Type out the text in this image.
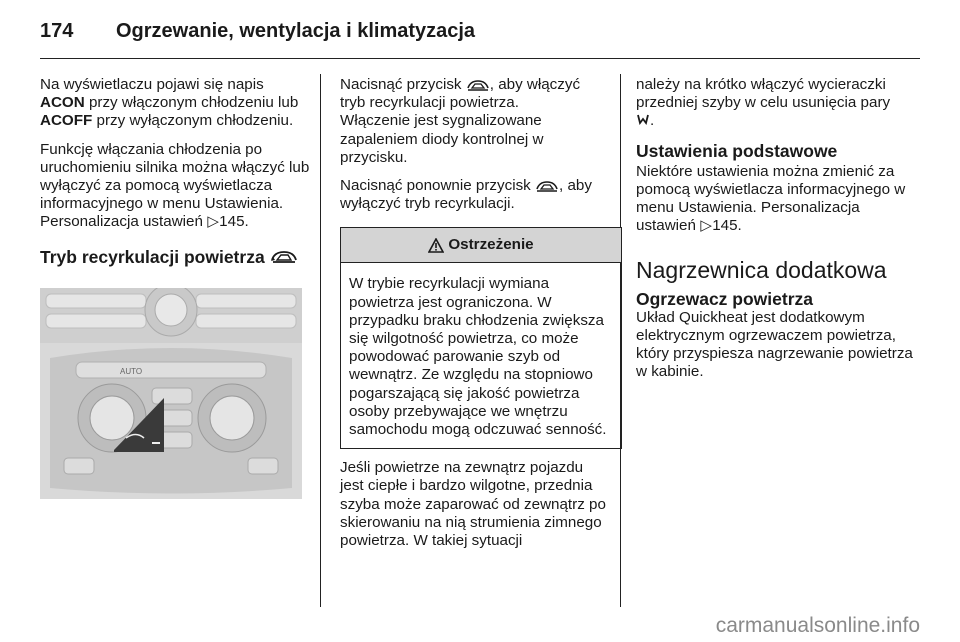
174 Ogrzewanie, wentylacja i klimatyzacja

Na wyświetlaczu pojawi się napis ACON przy włączonym chłodzeniu lub ACOFF przy wyłączonym chłodzeniu.

Funkcję włączania chłodzenia po uruchomieniu silnika można włączyć lub wyłączyć za pomocą wyświetlacza informacyjnego w menu Ustawienia. Personalizacja ustawień ▷145.

Tryb recyrkulacji powietrza

AUTO

Nacisnąć przycisk , aby włączyć tryb recyrkulacji powietrza.

Włączenie jest sygnalizowane zapaleniem diody kontrolnej w przycisku.

Nacisnąć ponownie przycisk , aby wyłączyć tryb recyrkulacji.

Ostrzeżenie
W trybie recyrkulacji wymiana powietrza jest ograniczona. W przypadku braku chłodzenia zwiększa się wilgotność powietrza, co może powodować parowanie szyb od wewnątrz. Ze względu na stopniowo pogarszającą się jakość powietrza osoby przebywające we wnętrzu samochodu mogą odczuwać senność.

Jeśli powietrze na zewnątrz pojazdu jest ciepłe i bardzo wilgotne, przednia szyba może zaparować od zewnątrz po skierowaniu na nią strumienia zimnego powietrza. W takiej sytuacji

należy na krótko włączyć wycieraczki przedniej szyby w celu usunięcia pary

.
Ustawienia podstawowe

Niektóre ustawienia można zmienić za pomocą wyświetlacza informacyjnego w menu Ustawienia. Personalizacja ustawień ▷145.

Nagrzewnica dodatkowa
Ogrzewacz powietrza

Układ Quickheat jest dodatkowym elektrycznym ogrzewaczem powietrza, który przyspiesza nagrzewanie powietrza w kabinie.

carmanualsonline.info
